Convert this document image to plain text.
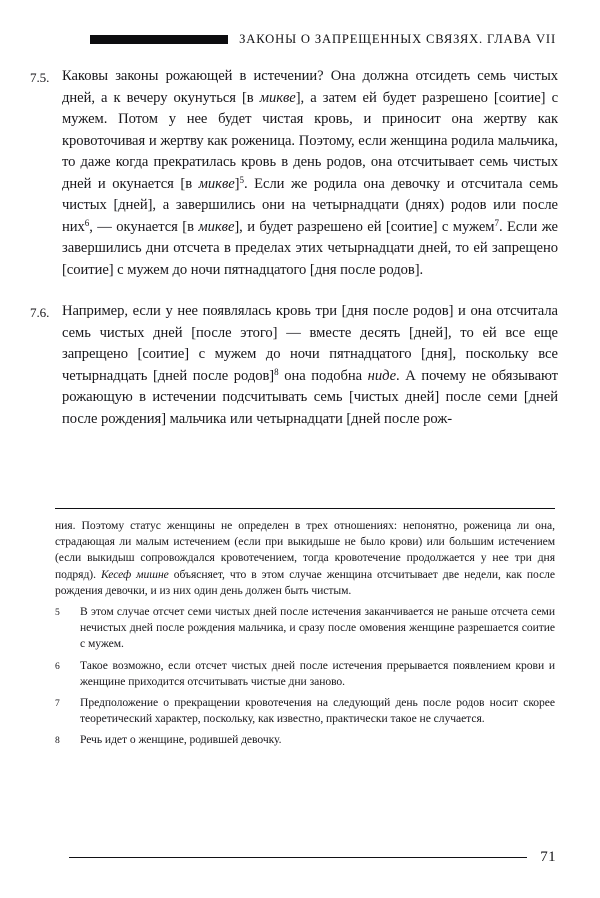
ЗАКОНЫ О ЗАПРЕЩЕННЫХ СВЯЗЯХ. ГЛАВА VII
7.5. Каковы законы рожающей в истечении? Она должна отсидеть семь чистых дней, а к вечеру окунуться [в микве], а затем ей будет разрешено [соитие] с мужем. Потом у нее будет чистая кровь, и приносит она жертву как кровоточивая и жертву как роженица. Поэтому, если женщина родила мальчика, то даже когда прекратилась кровь в день родов, она отсчитывает семь чистых дней и окунается [в микве]$^5$. Если же родила она девочку и отсчитала семь чистых [дней], а завершились они на четырнадцати (днях) родов или после них$^6$, — окунается [в микве], и будет разрешено ей [соитие] с мужем$^7$. Если же завершились дни отсчета в пределах этих четырнадцати дней, то ей запрещено [соитие] с мужем до ночи пятнадцатого [дня после родов].
7.6. Например, если у нее появлялась кровь три [дня после родов] и она отсчитала семь чистых дней [после этого] — вместе десять [дней], то ей все еще запрещено [соитие] с мужем до ночи пятнадцатого [дня], поскольку все четырнадцать [дней после родов]$^8$ она подобна ниде. А почему не обязывают рожающую в истечении подсчитывать семь [чистых дней] после семи [дней после рождения] мальчика или четырнадцати [дней после рож-
ния. Поэтому статус женщины не определен в трех отношениях: непонятно, роженица ли она, страдающая ли малым истечением (если при выкидыше не было крови) или большим истечением (если выкидыш сопровождался кровотечением, тогда кровотечение продолжается у нее три дня подряд). Кесеф мишне объясняет, что в этом случае женщина отсчитывает две недели, как после рождения девочки, и из них один день должен быть чистым.
5	В этом случае отсчет семи чистых дней после истечения заканчивается не раньше отсчета семи нечистых дней после рождения мальчика, и сразу после омовения женщине разрешается соитие с мужем.
6	Такое возможно, если отсчет чистых дней после истечения прерывается появлением крови и женщине приходится отсчитывать чистые дни заново.
7	Предположение о прекращении кровотечения на следующий день после родов носит скорее теоретический характер, поскольку, как известно, практически такое не случается.
8	Речь идет о женщине, родившей девочку.
71
